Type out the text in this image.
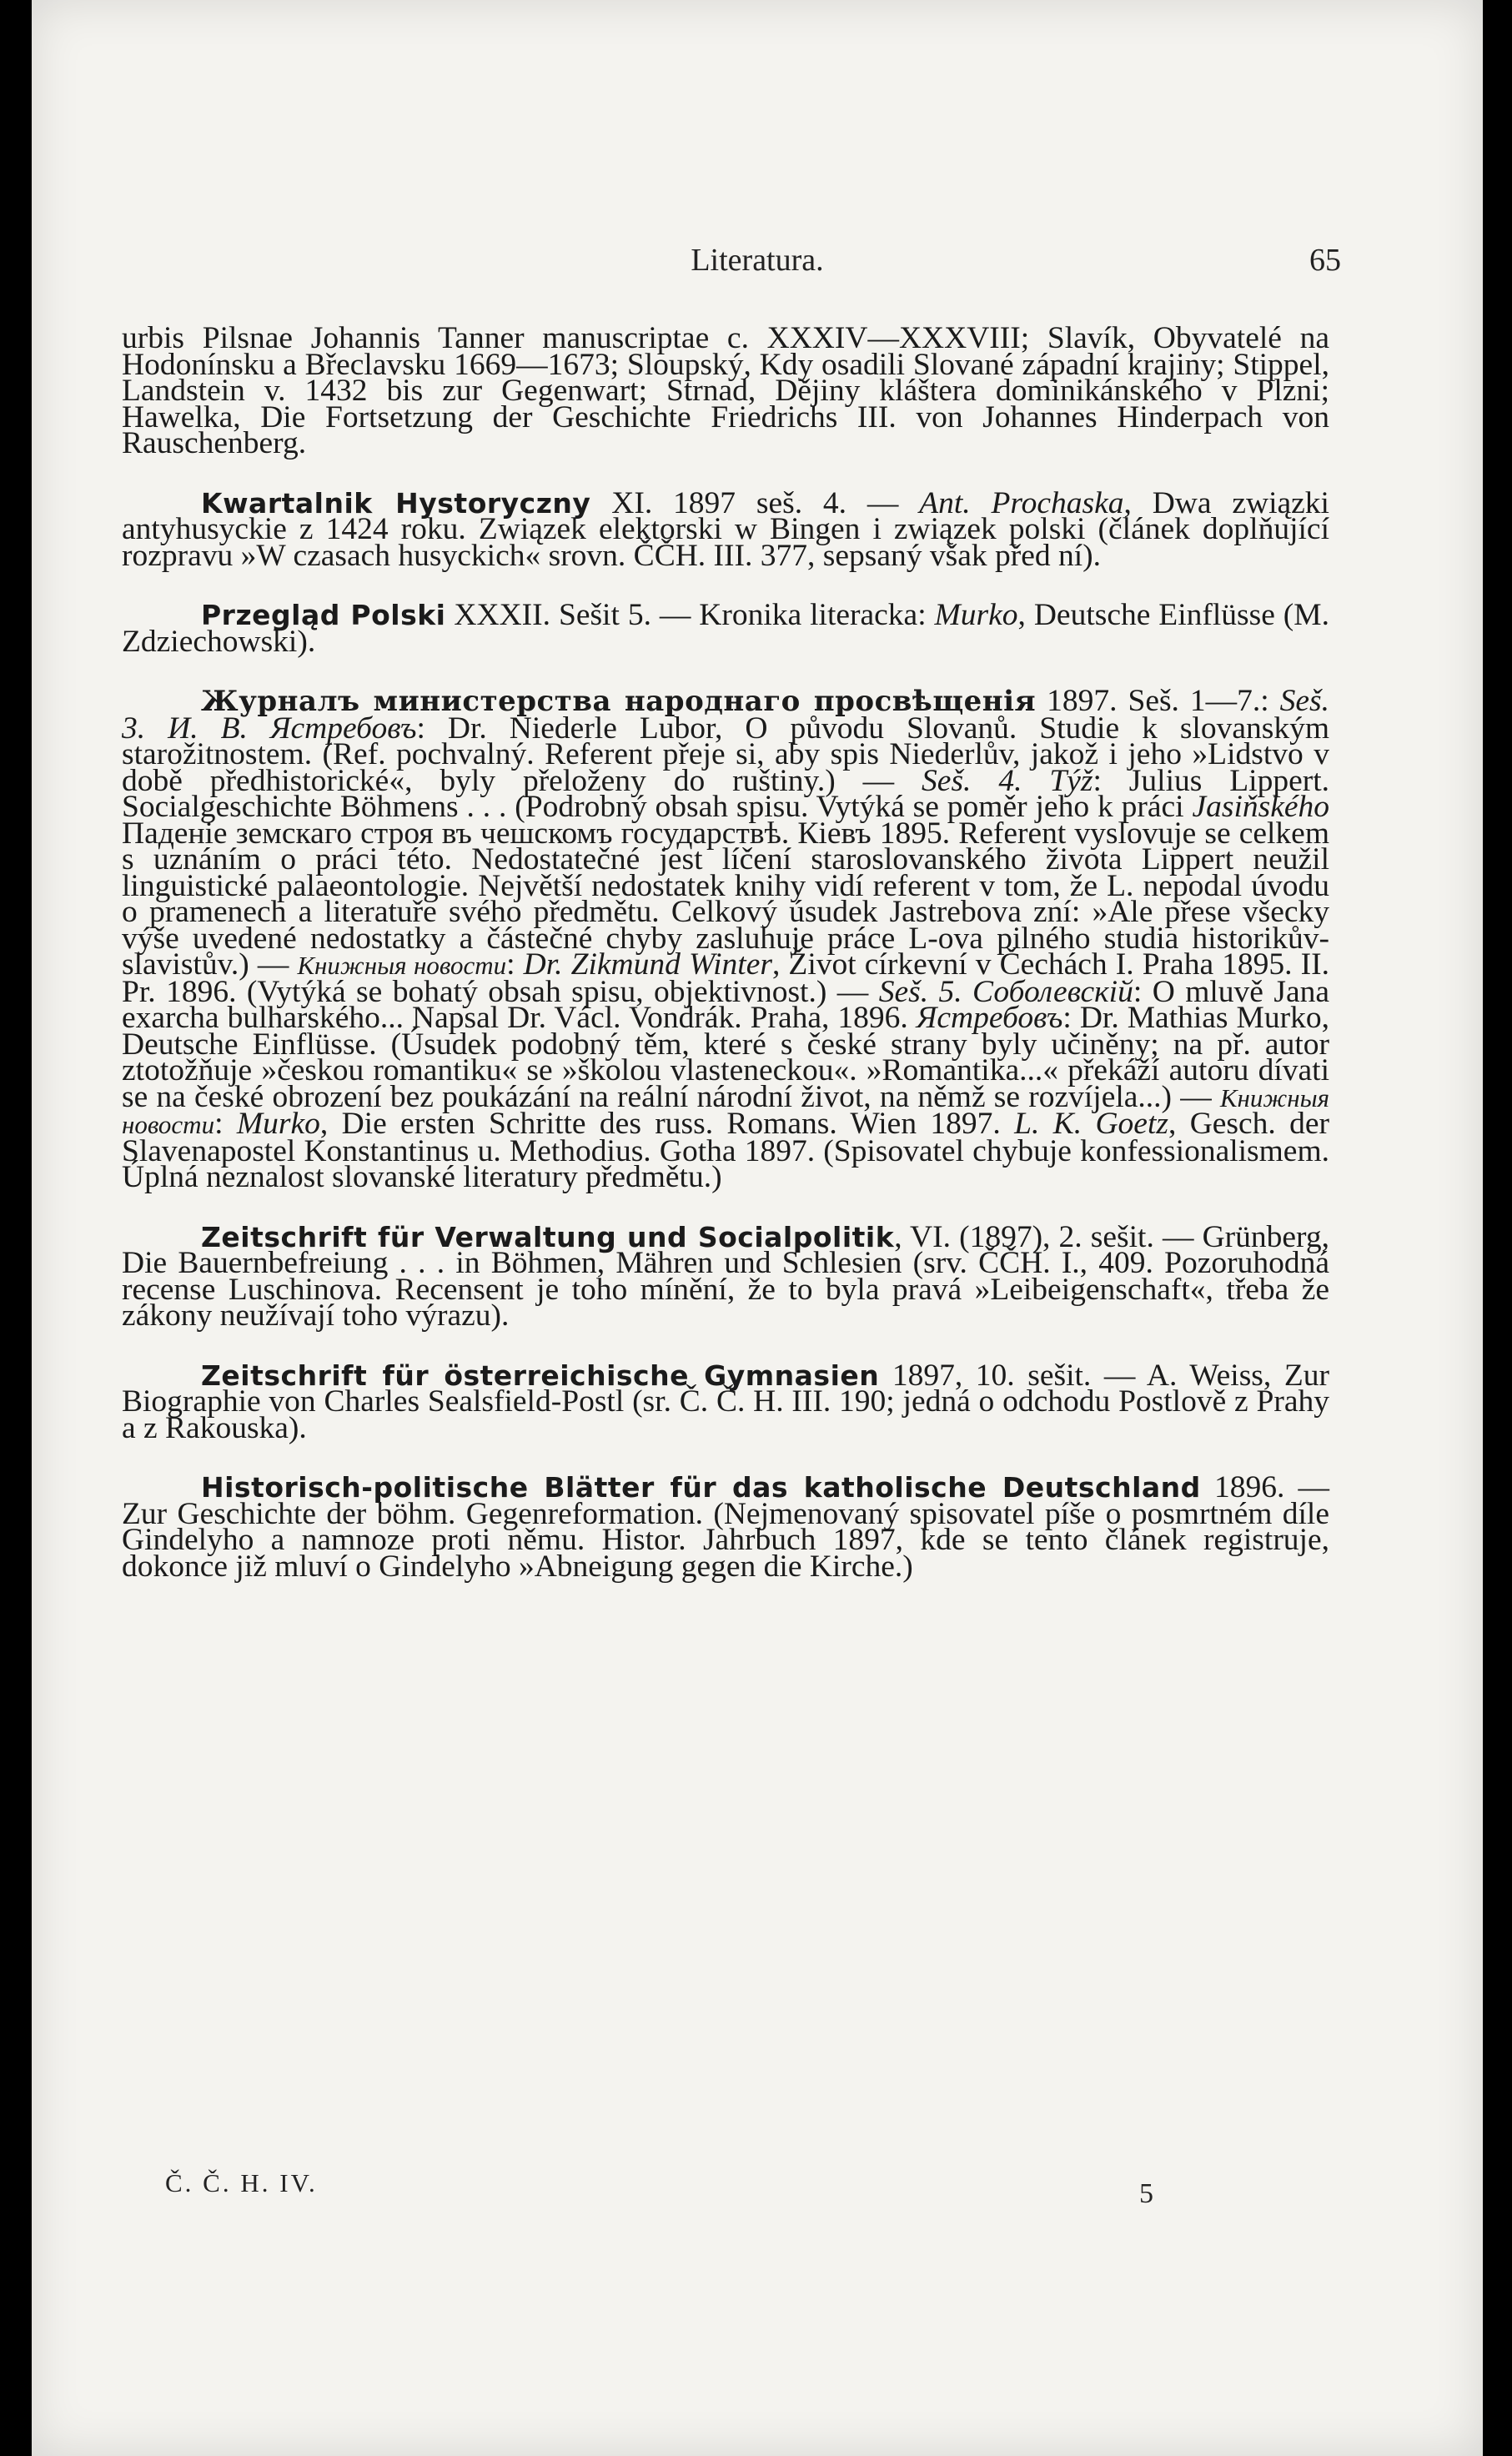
Literatura.	65

urbis Pilsnae Johannis Tanner manuscriptae c. XXXIV—XXXVIII; Slavík, Obyvatelé na Hodonínsku a Břeclavsku 1669—1673; Sloupský, Kdy osadili Slované západní krajiny; Stippel, Landstein v. 1432 bis zur Gegenwart; Strnad, Dějiny kláštera dominikánského v Plzni; Hawelka, Die Fortsetzung der Geschichte Friedrichs III. von Johannes Hinderpach von Rauschenberg.

Kwartalnik Hystoryczny XI. 1897 seš. 4. — Ant. Prochaska, Dwa związki antyhusyckie z 1424 roku. Związek elektorski w Bingen i związek polski (článek doplňující rozpravu »W czasach husyckich« srovn. ČČH. III. 377, sepsaný však před ní).

Przegląd Polski XXXII. Sešit 5. — Kronika literacka: Murko, Deutsche Einflüsse (M. Zdziechowski).

Журналъ министерства народнаго просвѣщенія 1897. Seš. 1—7.: Seš. 3. И. В. Ястребовъ: Dr. Niederle Lubor, O původu Slovanů. Studie k slovanským starožitnostem. (Ref. pochvalný. Referent přeje si, aby spis Niederlův, jakož i jeho »Lidstvo v době předhistorické«, byly přeloženy do ruštiny.) — Seš. 4. Týž: Julius Lippert. Socialgeschichte Böhmens . . . (Podrobný obsah spisu. Vytýká se poměr jeho k práci Jasiňského Паденіе земскаго строя въ чешскомъ государствѣ. Кіевъ 1895. Referent vyslovuje se celkem s uznáním o práci této. Nedostatečné jest líčení staroslovanského života Lippert neužil linguistické palaeontologie. Největší nedostatek knihy vidí referent v tom, že L. nepodal úvodu o pramenech a literatuře svého předmětu. Celkový úsudek Jastrebova zní: »Ale přese všecky výše uvedené nedostatky a částečné chyby zasluhuje práce L-ova pilného studia historikův-slavistův.) — Книжныя новости: Dr. Zikmund Winter, Život církevní v Čechách I. Praha 1895. II. Pr. 1896. (Vytýká se bohatý obsah spisu, objektivnost.) — Seš. 5. Соболевскій: O mluvě Jana exarcha bulharského... Napsal Dr. Václ. Vondrák. Praha, 1896. Ястребовъ: Dr. Mathias Murko, Deutsche Einflüsse. (Úsudek podobný těm, které s české strany byly učiněny; na př. autor ztotožňuje »českou romantiku« se »školou vlasteneckou«. »Romantika...« překáží autoru dívati se na české obrození bez poukázání na reální národní život, na němž se rozvíjela...) — Книжныя новости: Murko, Die ersten Schritte des russ. Romans. Wien 1897. L. K. Goetz, Gesch. der Slavenapostel Konstantinus u. Methodius. Gotha 1897. (Spisovatel chybuje konfessionalismem. Úplná neznalost slovanské literatury předmětu.)

Zeitschrift für Verwaltung und Socialpolitik, VI. (1897), 2. sešit. — Grünberg, Die Bauernbefreiung . . . in Böhmen, Mähren und Schlesien (srv. ČČH. I., 409. Pozoruhodná recense Luschinova. Recensent je toho mínění, že to byla pravá »Leibeigenschaft«, třeba že zákony neužívají toho výrazu).

Zeitschrift für österreichische Gymnasien 1897, 10. sešit. — A. Weiss, Zur Biographie von Charles Sealsfield-Postl (sr. Č. Č. H. III. 190; jedná o odchodu Postlově z Prahy a z Rakouska).

Historisch-politische Blätter für das katholische Deutschland 1896. — Zur Geschichte der böhm. Gegenreformation. (Nejmenovaný spisovatel píše o posmrtném díle Gindelyho a namnoze proti němu. Histor. Jahrbuch 1897, kde se tento článek registruje, dokonce již mluví o Gindelyho »Abneigung gegen die Kirche.)

Č. Č. H. IV.	5
